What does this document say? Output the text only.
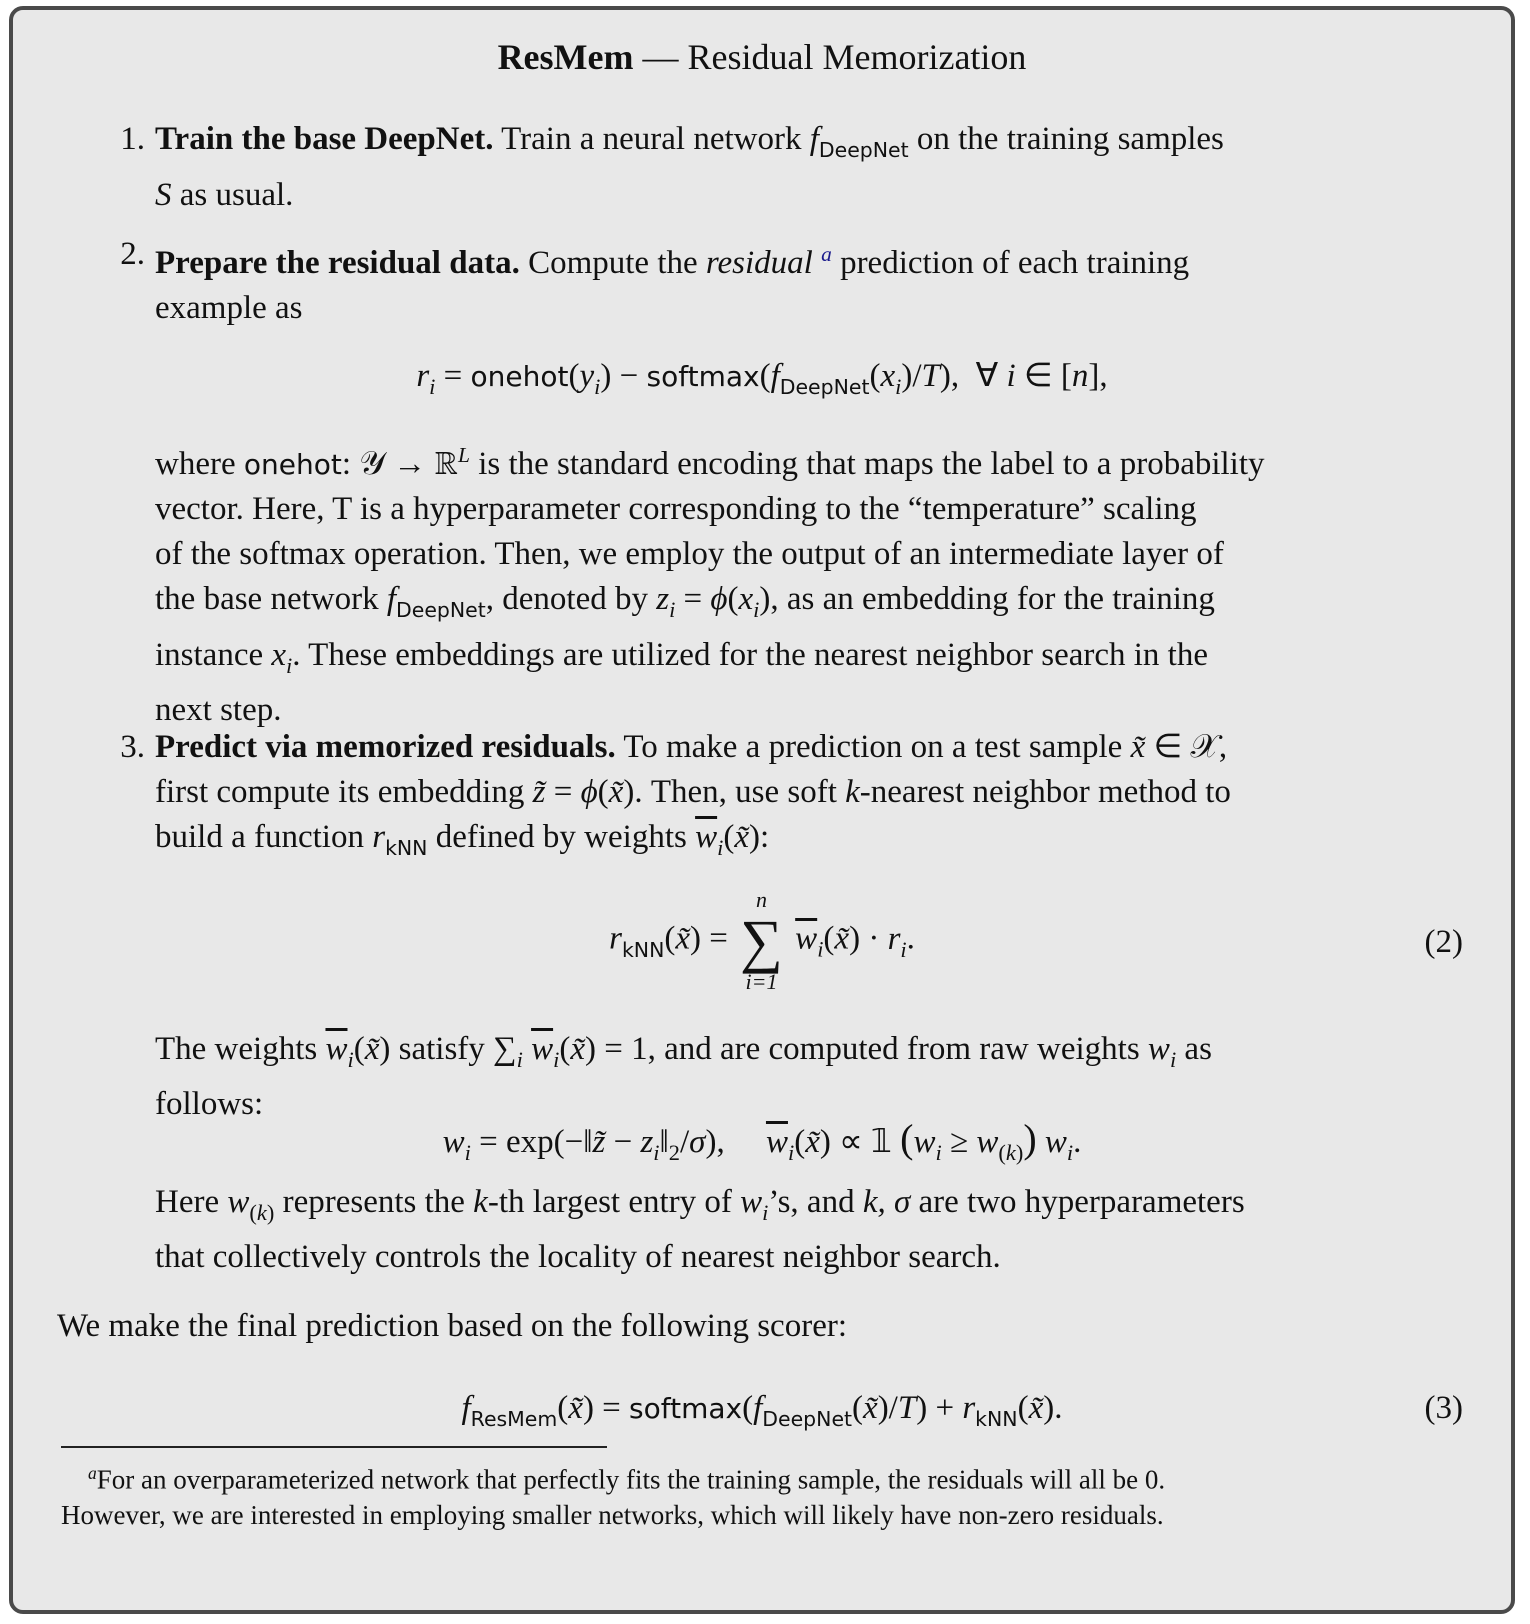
ResMem — Residual Memorization
1. Train the base DeepNet. Train a neural network $f_{DeepNet}$ on the training samples
S as usual.
2. Prepare the residual data. Compute the residual $^a$ prediction of each training
example as
$r_i$ = $onehot(y_i)$ − $softmax(f_{DeepNet}(x_i)/T)$,  ∀ i ∈ [n],
where onehot: 𝒴 → ℝ$^L$ is the standard encoding that maps the label to a probability
vector. Here, T is a hyperparameter corresponding to the “temperature” scaling
of the softmax operation. Then, we employ the output of an intermediate layer of
the base network $f_{DeepNet}$, denoted by $z_i = \phi(x_i)$, as an embedding for the training
instance $x_i$. These embeddings are utilized for the nearest neighbor search in the
next step.
3. Predict via memorized residuals. To make a prediction on a test sample x̃ ∈ 𝒳,
first compute its embedding z̃ = ϕ(x̃). Then, use soft k-nearest neighbor method to
build a function $r_{kNN}$ defined by weights $\overline{w}_i(x̃)$:
$r_{kNN}(x̃)$ =
n
∑
i=1
$\overline{w}_i(x̃) \cdot r_i$.	(2)
The weights $\overline{w}_i(x̃)$ satisfy $\sum_i$ $\overline{w}_i(x̃) = 1$, and are computed from raw weights $w_i$ as
follows:
$w_i$ = exp(−‖z̃ − $z_i‖_2/\sigma$),     $\overline{w}_i(x̃)$ ∝ 𝟙 $(w_i \ge w_{(k)})$ $w_i$.
Here $w_{(k)}$ represents the k-th largest entry of $w_i’s$, and k, σ are two hyperparameters
that collectively controls the locality of nearest neighbor search.
We make the final prediction based on the following scorer:
$f_{ResMem}(x̃)$ = $softmax(f_{DeepNet}(x̃)/T)$ + $r_{kNN}(x̃)$.	(3)
$^a$For an overparameterized network that perfectly fits the training sample, the residuals will all be 0.
However, we are interested in employing smaller networks, which will likely have non-zero residuals.
